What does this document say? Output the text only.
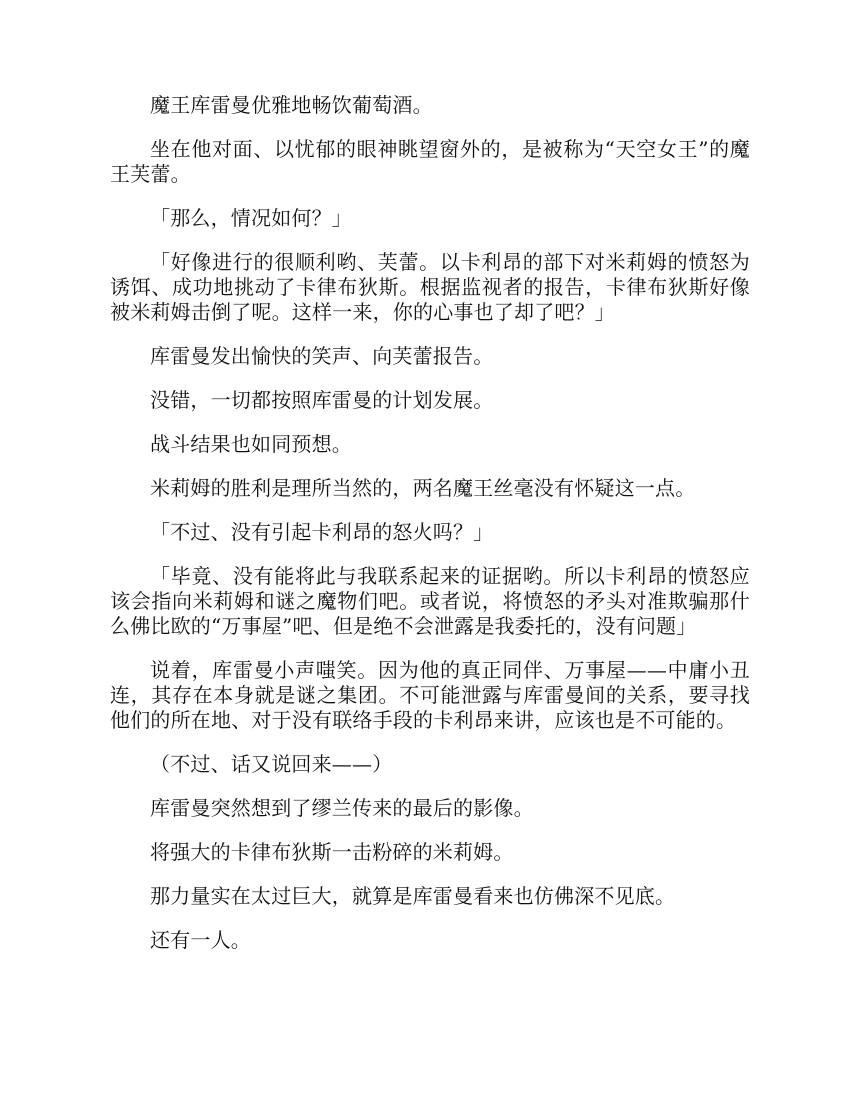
魔王库雷曼优雅地畅饮葡萄酒。

坐在他对面、以忧郁的眼神眺望窗外的，是被称为“天空女王”的魔王芙蕾。

「那么，情况如何？」

「好像进行的很顺利哟、芙蕾。以卡利昂的部下对米莉姆的愤怒为诱饵、成功地挑动了卡律布狄斯。根据监视者的报告，卡律布狄斯好像被米莉姆击倒了呢。这样一来，你的心事也了却了吧？」

库雷曼发出愉快的笑声、向芙蕾报告。

没错，一切都按照库雷曼的计划发展。

战斗结果也如同预想。

米莉姆的胜利是理所当然的，两名魔王丝毫没有怀疑这一点。

「不过、没有引起卡利昂的怒火吗？」

「毕竟、没有能将此与我联系起来的证据哟。所以卡利昂的愤怒应该会指向米莉姆和谜之魔物们吧。或者说，将愤怒的矛头对准欺骗那什么佛比欧的“万事屋”吧、但是绝不会泄露是我委托的，没有问题」

说着，库雷曼小声嗤笑。因为他的真正同伴、万事屋——中庸小丑连，其存在本身就是谜之集团。不可能泄露与库雷曼间的关系，要寻找他们的所在地、对于没有联络手段的卡利昂来讲，应该也是不可能的。

（不过、话又说回来——）

库雷曼突然想到了缪兰传来的最后的影像。

将强大的卡律布狄斯一击粉碎的米莉姆。

那力量实在太过巨大，就算是库雷曼看来也仿佛深不见底。

还有一人。
